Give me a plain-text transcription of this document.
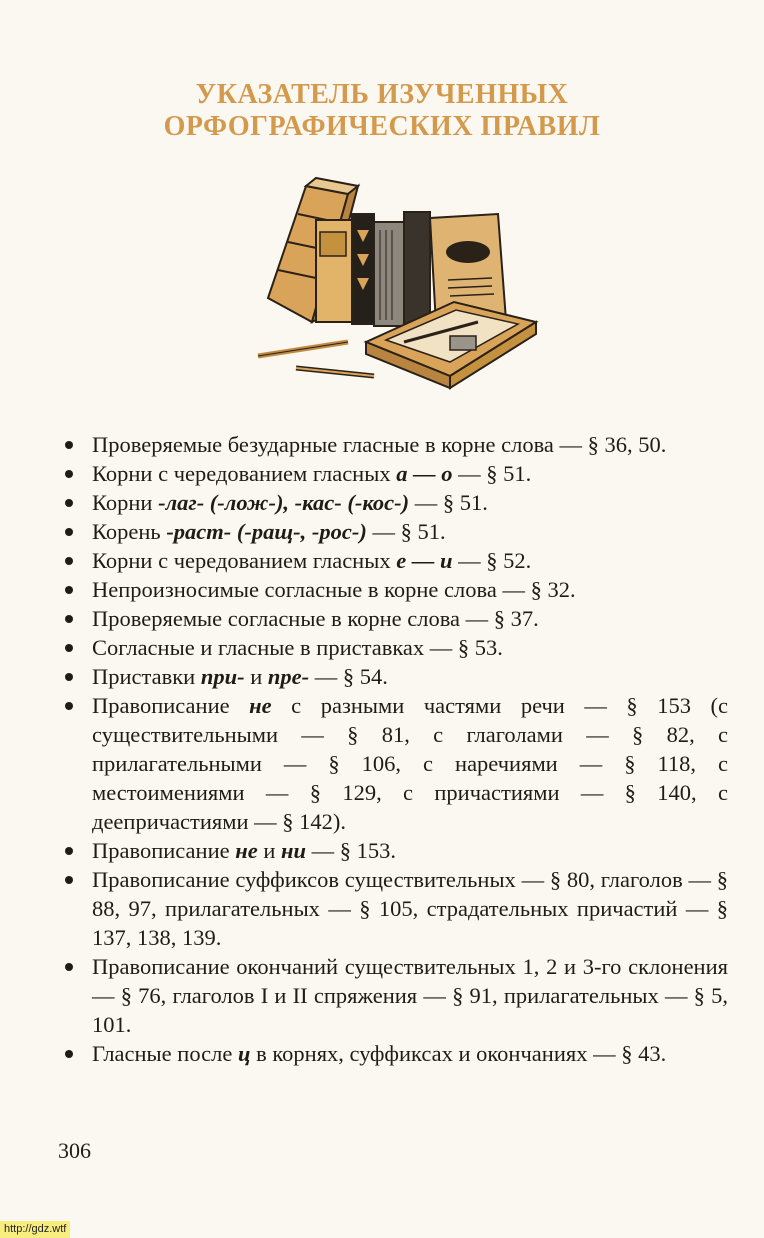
УКАЗАТЕЛЬ ИЗУЧЕННЫХ
ОРФОГРАФИЧЕСКИХ ПРАВИЛ
Проверяемые безударные гласные в корне слова — § 36, 50.
Корни с чередованием гласных а — о — § 51.
Корни -лаг- (-лож-), -кас- (-кос-) — § 51.
Корень -раст- (-ращ-, -рос-) — § 51.
Корни с чередованием гласных е — и — § 52.
Непроизносимые согласные в корне слова — § 32.
Проверяемые согласные в корне слова — § 37.
Согласные и гласные в приставках — § 53.
Приставки при- и пре- — § 54.
Правописание не с разными частями речи — § 153 (с существительными — § 81, с глаголами — § 82, с прилагательными — § 106, с наречиями — § 118, с местоимениями — § 129, с причастиями — § 140, с деепричастиями — § 142).
Правописание не и ни — § 153.
Правописание суффиксов существительных — § 80, глаголов — § 88, 97, прилагательных — § 105, страдательных причастий — § 137, 138, 139.
Правописание окончаний существительных 1, 2 и 3-го склонения — § 76, глаголов I и II спряжения — § 91, прилагательных — § 5, 101.
Гласные после ц в корнях, суффиксах и окончаниях — § 43.
306
http://gdz.wtf
